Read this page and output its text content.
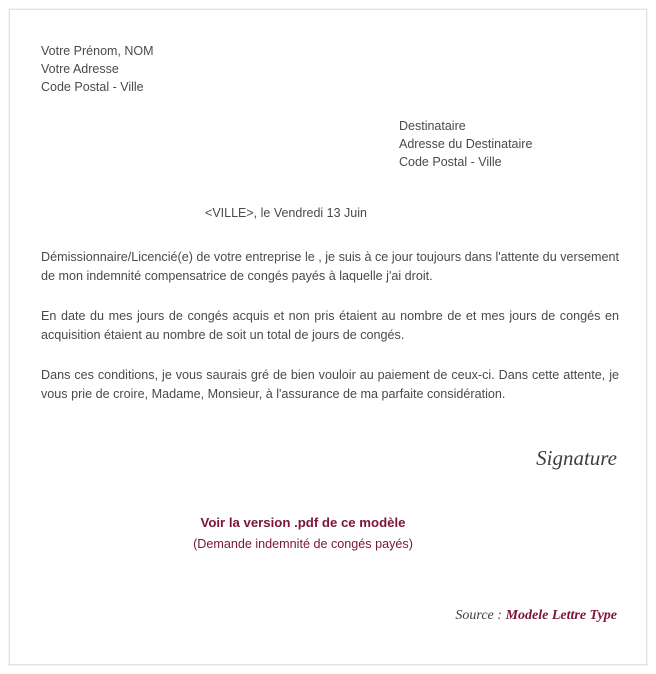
Votre Prénom, NOM
Votre Adresse
Code Postal - Ville
Destinataire
Adresse du Destinataire
Code Postal - Ville
<VILLE>, le Vendredi 13 Juin
Démissionnaire/Licencié(e) de votre entreprise le , je suis à ce jour toujours dans l'attente du versement de mon indemnité compensatrice de congés payés à laquelle j'ai droit.
En date du mes jours de congés acquis et non pris étaient au nombre de et mes jours de congés en acquisition étaient au nombre de soit un total de jours de congés.
Dans ces conditions, je vous saurais gré de bien vouloir au paiement de ceux-ci. Dans cette attente, je vous prie de croire, Madame, Monsieur, à l'assurance de ma parfaite considération.
Signature
Voir la version .pdf de ce modèle
(Demande indemnité de congés payés)
Source : Modele Lettre Type
